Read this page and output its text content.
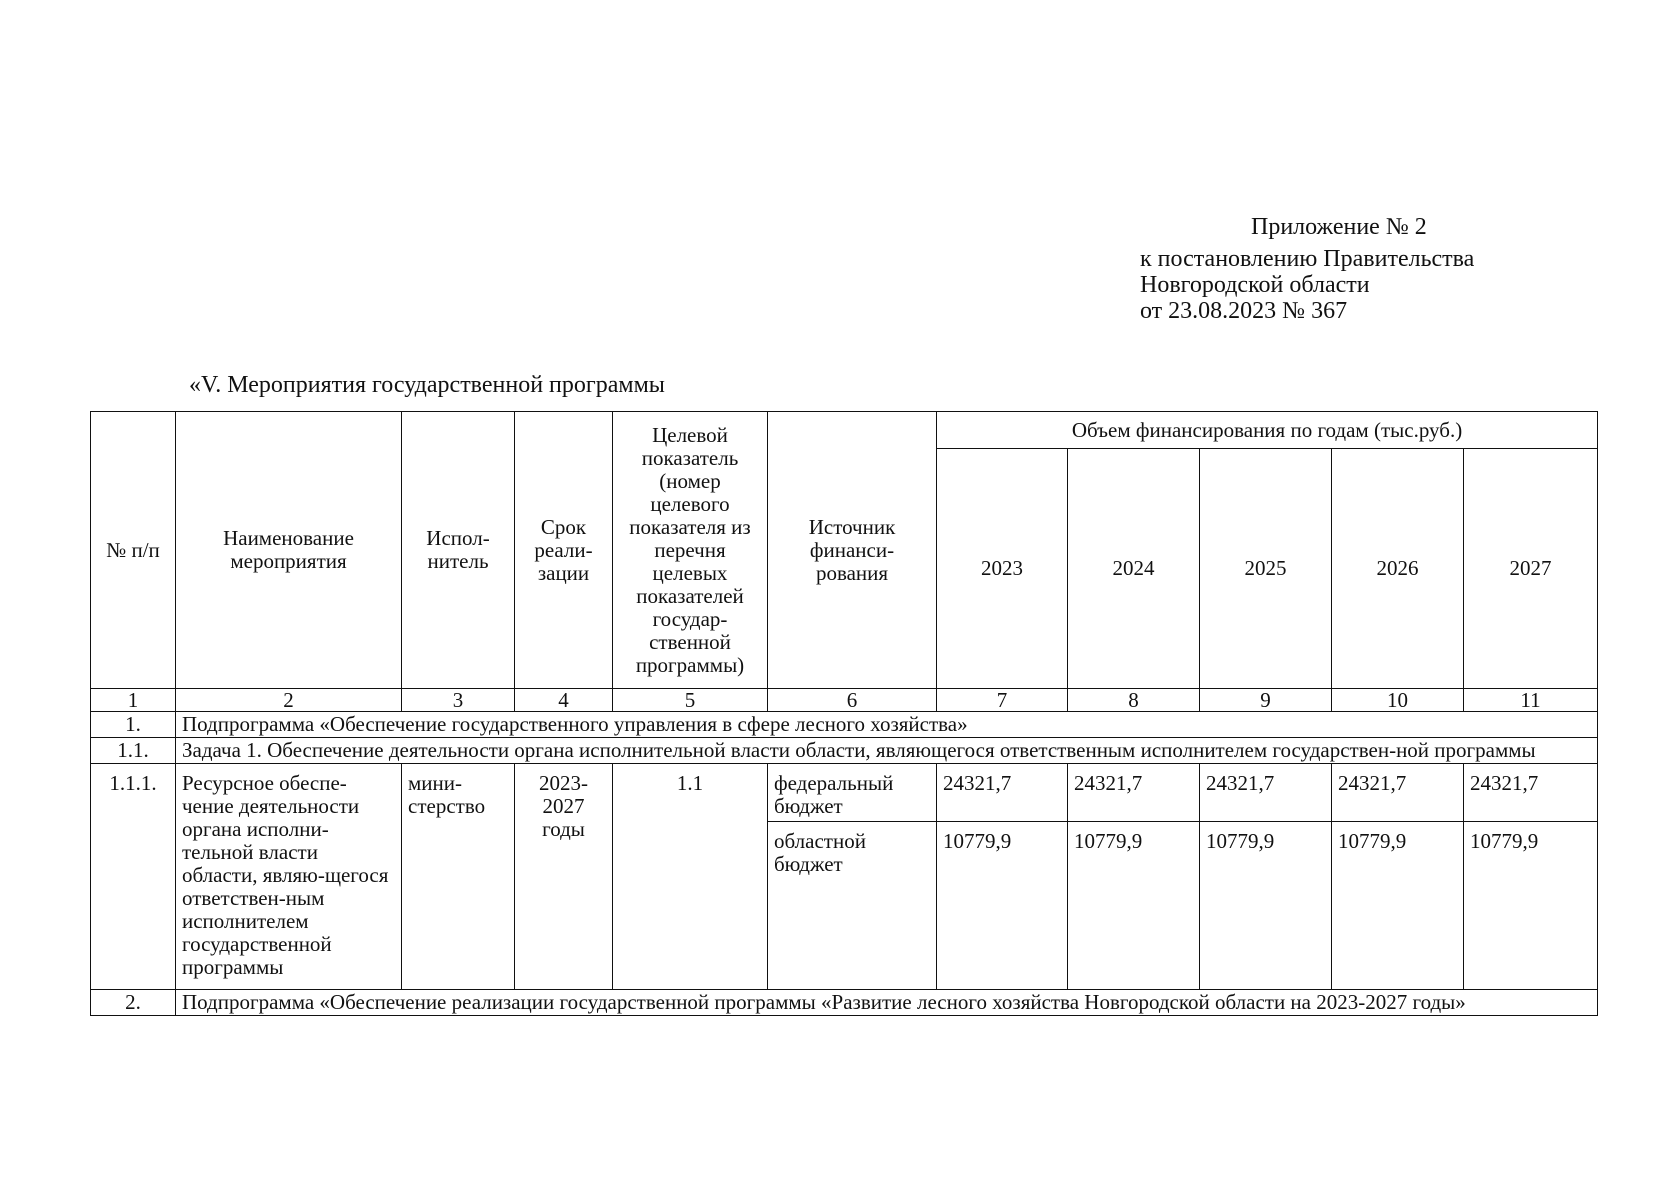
Приложение № 2
к постановлению Правительства
Новгородской области
от 23.08.2023 № 367
«V. Мероприятия государственной программы
№ п/п	Наименование мероприятия	Испол-нитель	Срок реали-зации	Целевой показатель (номер целевого показателя из перечня целевых показателей государ-ственной программы)	Источник финанси-рования	Объем финансирования по годам (тыс.руб.)				
						2023	2024	2025	2026	2027
1	2	3	4	5	6	7	8	9	10	11
1.	Подпрограмма «Обеспечение государственного управления в сфере лесного хозяйства»									
1.1.	Задача 1. Обеспечение деятельности органа исполнительной власти области, являющегося ответственным исполнителем государствен-ной программы									
1.1.1.	Ресурсное обеспе-чение деятельности органа исполни-тельной власти области, являю-щегося ответствен-ным исполнителем государственной программы	мини-стерство	2023-2027 годы	1.1	федеральный бюджет	24321,7	24321,7	24321,7	24321,7	24321,7
					областной бюджет	10779,9	10779,9	10779,9	10779,9	10779,9
2.	Подпрограмма «Обеспечение реализации государственной программы «Развитие лесного хозяйства Новгородской области на 2023-2027 годы»									
